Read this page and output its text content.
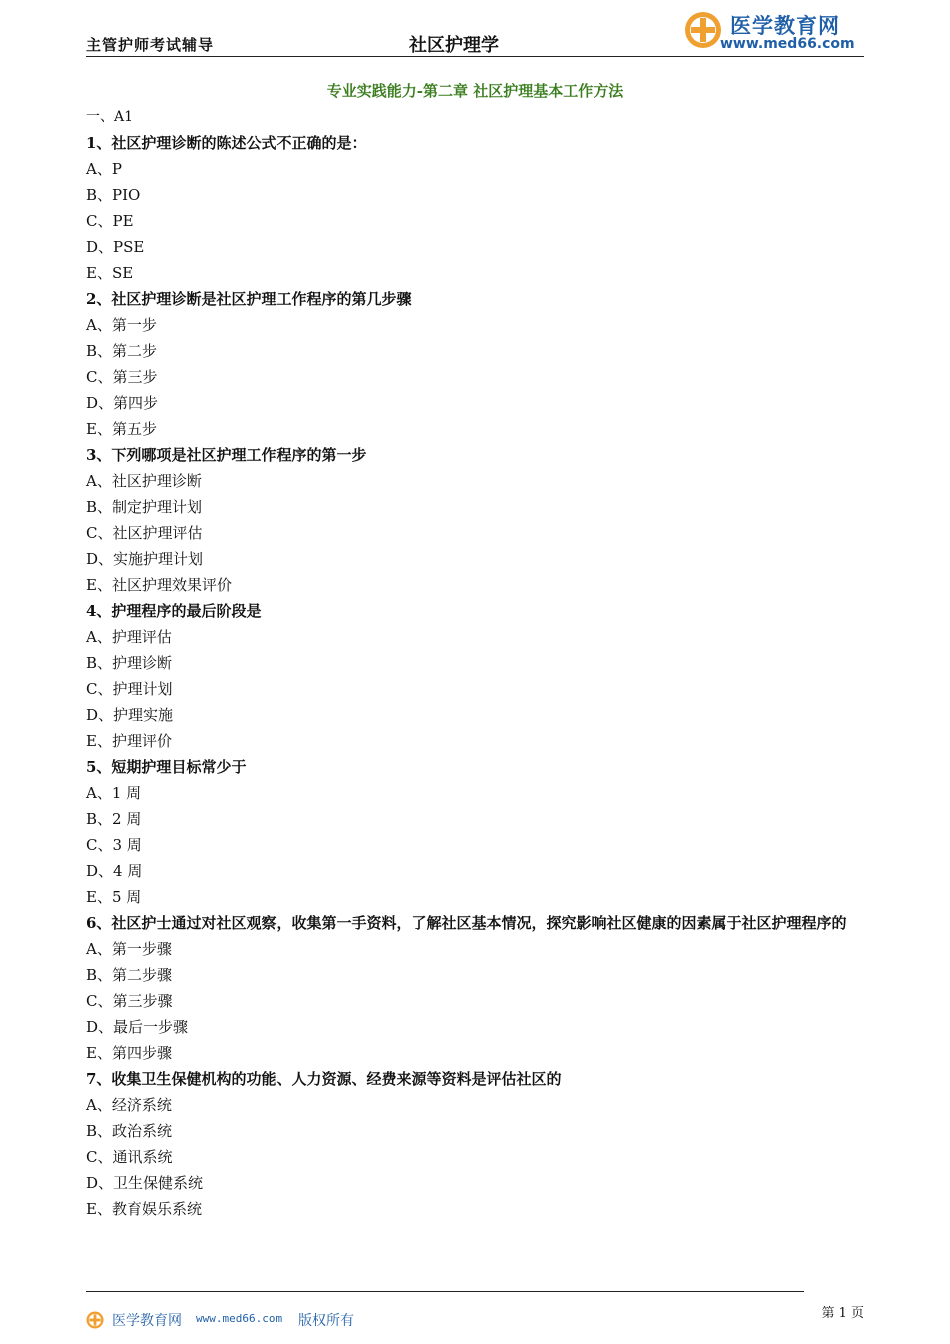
主管护师考试辅导	社区护理学
医学教育网
www.med66.com
专业实践能力-第二章 社区护理基本工作方法
一、A1
1、社区护理诊断的陈述公式不正确的是：
A、P
B、PIO
C、PE
D、PSE
E、SE
2、社区护理诊断是社区护理工作程序的第几步骤
A、第一步
B、第二步
C、第三步
D、第四步
E、第五步
3、下列哪项是社区护理工作程序的第一步
A、社区护理诊断
B、制定护理计划
C、社区护理评估
D、实施护理计划
E、社区护理效果评价
4、护理程序的最后阶段是
A、护理评估
B、护理诊断
C、护理计划
D、护理实施
E、护理评价
5、短期护理目标常少于
A、1 周
B、2 周
C、3 周
D、4 周
E、5 周
6、社区护士通过对社区观察，收集第一手资料，了解社区基本情况，探究影响社区健康的因素属于社区护理程序的
A、第一步骤
B、第二步骤
C、第三步骤
D、最后一步骤
E、第四步骤
7、收集卫生保健机构的功能、人力资源、经费来源等资料是评估社区的
A、经济系统
B、政治系统
C、通讯系统
D、卫生保健系统
E、教育娱乐系统
医学教育网 www.med66.com 版权所有	第 1 页
